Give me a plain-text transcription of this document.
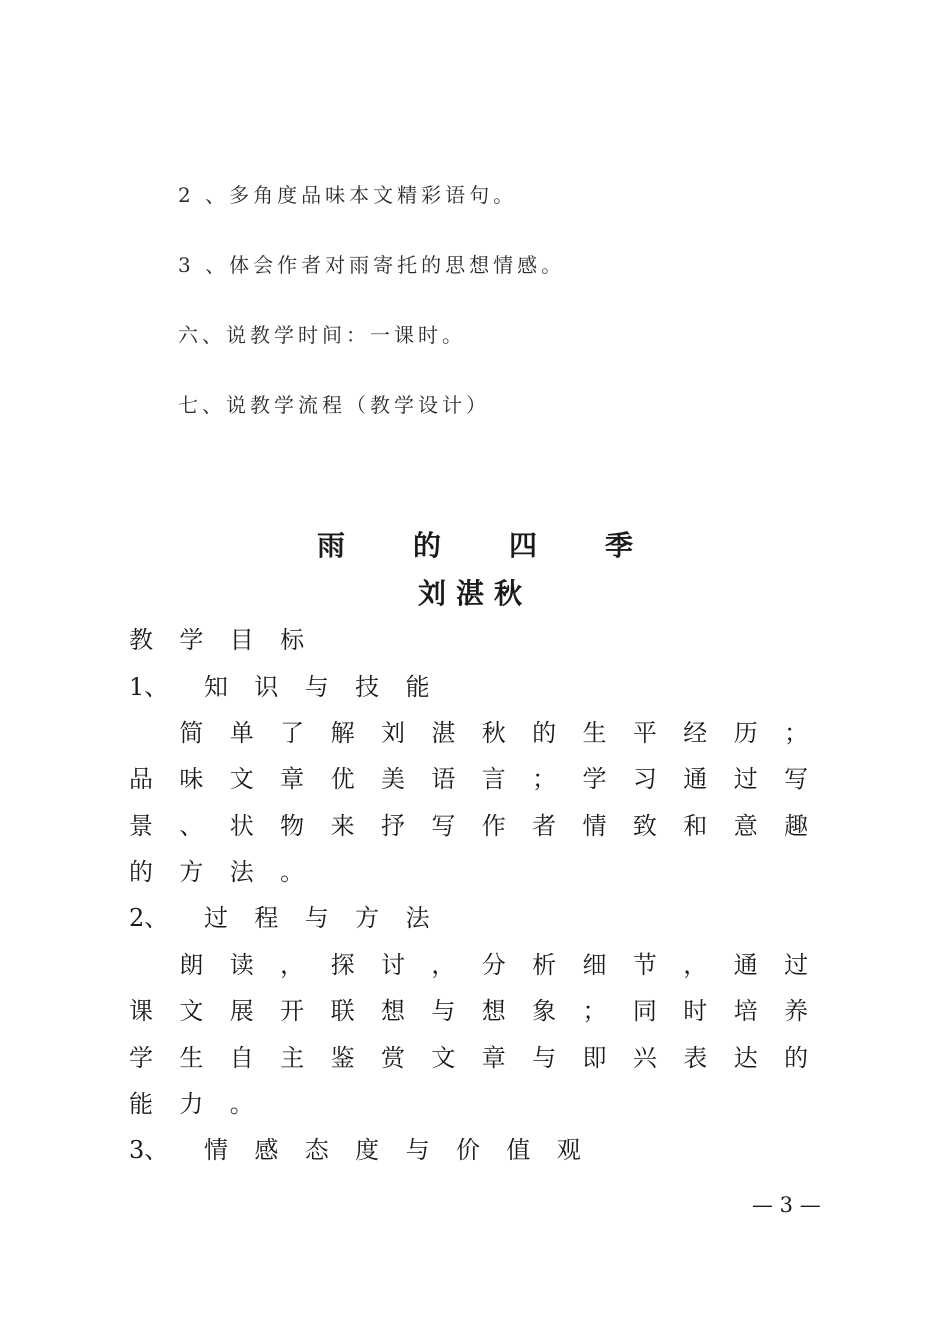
2 、多角度品味本文精彩语句。
3 、体会作者对雨寄托的思想情感。
六、说教学时间：一课时。
七、说教学流程（教学设计）
雨 的 四 季
刘湛秋
教	学	目	标
1、	知	识	与	技	能
简	单	了	解	刘	湛	秋	的	生	平	经	历	；
品	味	文	章	优	美	语	言	；	学	习	通	过	写
景	、	状	物	来	抒	写	作	者	情	致	和	意	趣
的	方	法	。
2、	过	程	与	方	法
朗	读	，	探	讨	，	分	析	细	节	，	通	过
课	文	展	开	联	想	与	想	象	；	同	时	培	养
学	生	自	主	鉴	赏	文	章	与	即	兴	表	达	的
能	力	。
3、	情	感	态	度	与	价	值	观
— 3 —
